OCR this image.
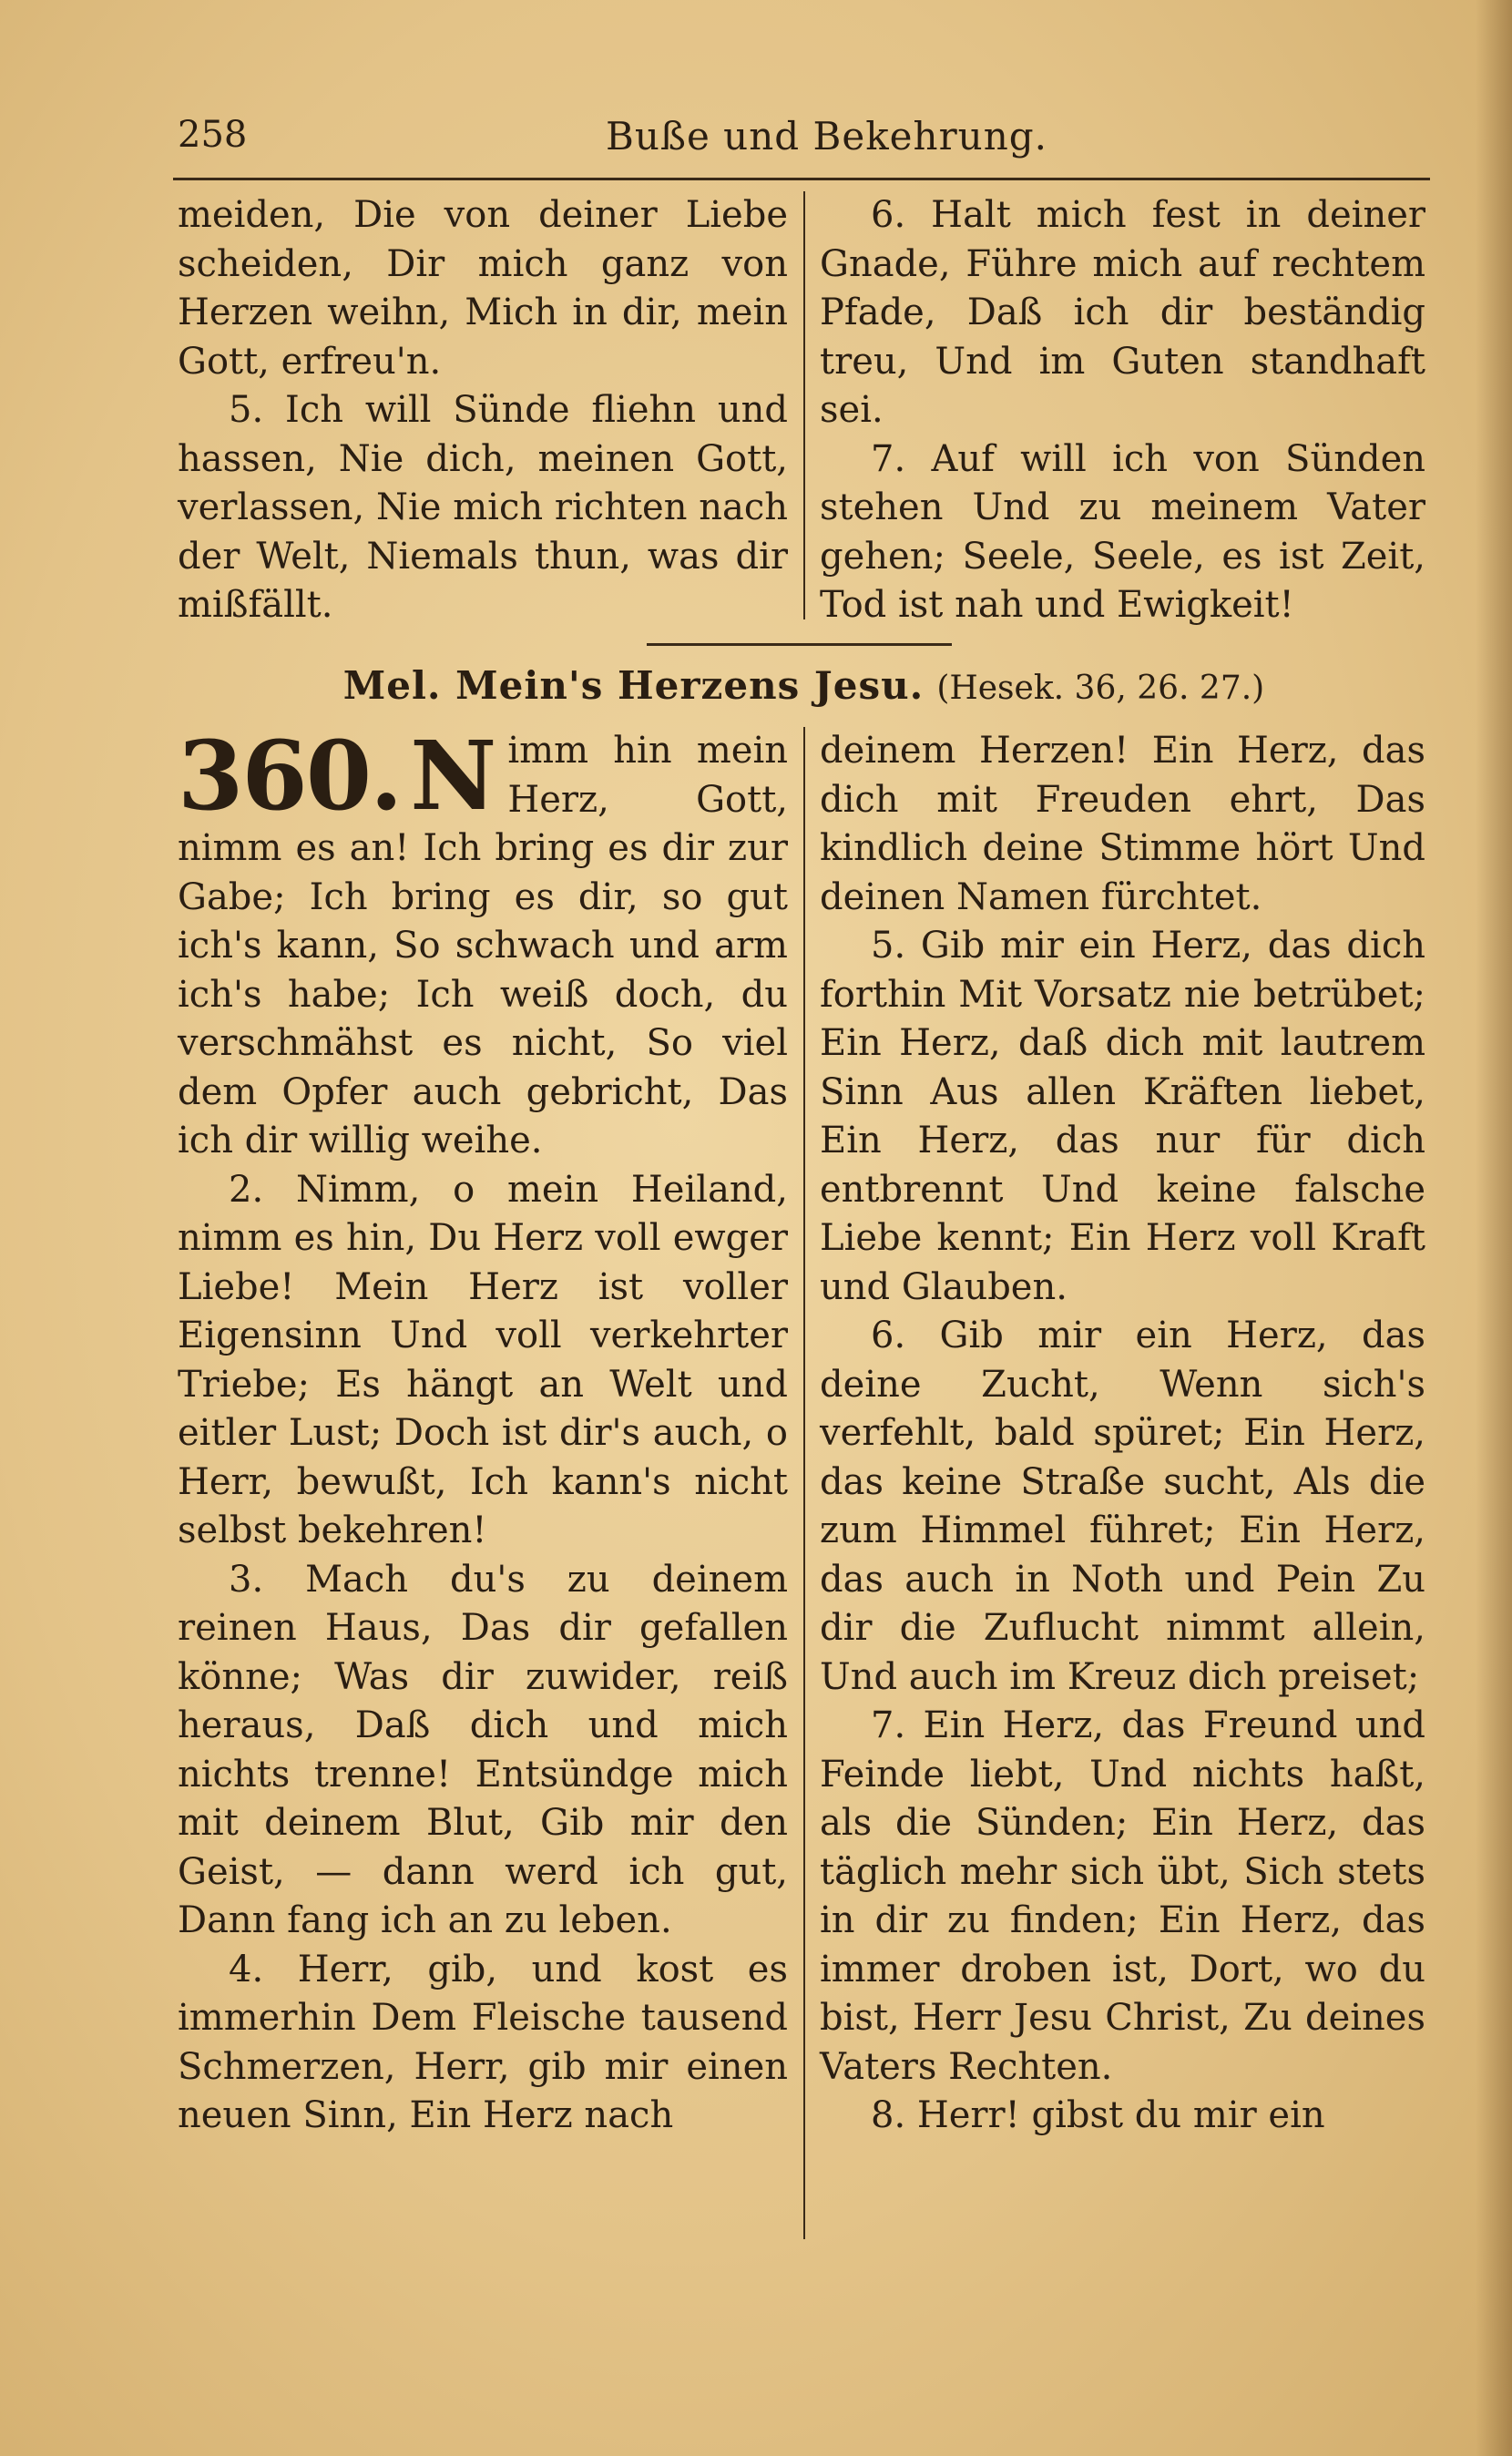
258	Buße und Bekehrung.

meiden, Die von deiner Liebe scheiden, Dir mich ganz von Herzen weihn, Mich in dir, mein Gott, erfreu'n.

5. Ich will Sünde fliehn und hassen, Nie dich, meinen Gott, verlassen, Nie mich richten nach der Welt, Niemals thun, was dir mißfällt.

6. Halt mich fest in deiner Gnade, Führe mich auf rechtem Pfade, Daß ich dir beständig treu, Und im Guten standhaft sei.

7. Auf will ich von Sünden stehen Und zu meinem Vater gehen; Seele, Seele, es ist Zeit, Tod ist nah und Ewigkeit!

Mel. Mein's Herzens Jesu. (Hesek. 36, 26. 27.)

360. N imm hin mein Herz, Gott, nimm es an! Ich bring es dir zur Gabe; Ich bring es dir, so gut ich's kann, So schwach und arm ich's habe; Ich weiß doch, du verschmähst es nicht, So viel dem Opfer auch gebricht, Das ich dir willig weihe.

2. Nimm, o mein Heiland, nimm es hin, Du Herz voll ewger Liebe! Mein Herz ist voller Eigensinn Und voll verkehrter Triebe; Es hängt an Welt und eitler Lust; Doch ist dir's auch, o Herr, bewußt, Ich kann's nicht selbst bekehren!

3. Mach du's zu deinem reinen Haus, Das dir gefallen könne; Was dir zuwider, reiß heraus, Daß dich und mich nichts trenne! Entsündge mich mit deinem Blut, Gib mir den Geist, — dann werd ich gut, Dann fang ich an zu leben.

4. Herr, gib, und kost es immerhin Dem Fleische tausend Schmerzen, Herr, gib mir einen neuen Sinn, Ein Herz nach

deinem Herzen! Ein Herz, das dich mit Freuden ehrt, Das kindlich deine Stimme hört Und deinen Namen fürchtet.

5. Gib mir ein Herz, das dich forthin Mit Vorsatz nie betrübet; Ein Herz, daß dich mit lautrem Sinn Aus allen Kräften liebet, Ein Herz, das nur für dich entbrennt Und keine falsche Liebe kennt; Ein Herz voll Kraft und Glauben.

6. Gib mir ein Herz, das deine Zucht, Wenn sich's verfehlt, bald spüret; Ein Herz, das keine Straße sucht, Als die zum Himmel führet; Ein Herz, das auch in Noth und Pein Zu dir die Zuflucht nimmt allein, Und auch im Kreuz dich preiset;

7. Ein Herz, das Freund und Feinde liebt, Und nichts haßt, als die Sünden; Ein Herz, das täglich mehr sich übt, Sich stets in dir zu finden; Ein Herz, das immer droben ist, Dort, wo du bist, Herr Jesu Christ, Zu deines Vaters Rechten.

8. Herr! gibst du mir ein
